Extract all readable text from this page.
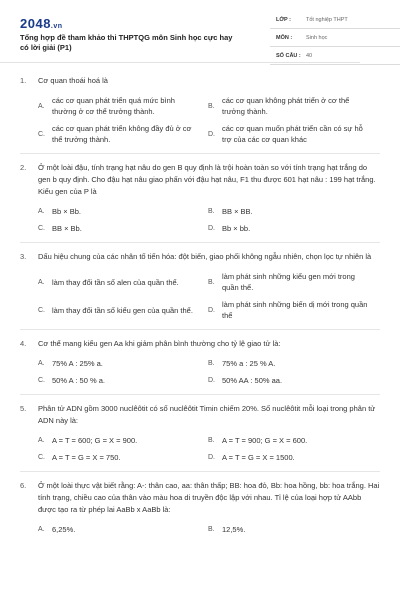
2048.vn
Tổng hợp đề tham khảo thi THPTQG môn Sinh học cực hay có lời giải (P1)
LỚP :	Tốt nghiệp THPT
MÔN :	Sinh học
SỐ CÂU : 40
1. Cơ quan thoái hoá là
A.
các cơ quan phát triển quá mức bình thường ở cơ thể trưởng thành.
B.
các cơ quan không phát triển ở cơ thể trưởng thành.
C.
các cơ quan phát triển không đầy đủ ở cơ thể trưởng thành.
D.
các cơ quan muốn phát triển cần có sự hỗ trợ của các cơ quan khác
2. Ở một loài đậu, tính trạng hạt nâu do gen B quy định là trội hoàn toàn so với tính trạng hạt trắng do gen b quy định. Cho đậu hạt nâu giao phấn với đậu hạt nâu, F1 thu được 601 hạt nâu : 199 hạt trắng. Kiểu gen của P là
A. Bb × Bb.	B. BB × BB.
C. BB × Bb.	D. Bb × bb.
3. Dấu hiệu chung của các nhân tố tiến hóa: đột biến, giao phối không ngẫu nhiên, chọn lọc tự nhiên là
A. làm thay đổi tần số alen của quần thể.	B.
làm phát sinh những kiểu gen mới trong quần thể.
C. làm thay đổi tần số kiểu gen của quần thể.	D.
làm phát sinh những biến dị mới trong quần thể
4. Cơ thể mang kiểu gen Aa khi giảm phân bình thường cho tỷ lệ giao tử là:
A. 75% A : 25% a.	B. 75% a : 25 % A.
C. 50% A : 50 % a.	D. 50% AA : 50% aa.
5. Phân tử ADN gồm 3000 nuclêôtit có số nuclêôtit Timin chiếm 20%. Số nuclêôtit mỗi loại trong phân tử ADN này là:
A. A = T = 600; G = X = 900.	B. A = T = 900; G = X = 600.
C. A = T = G = X = 750.	D. A = T = G = X = 1500.
6. Ở một loài thực vật biết rằng: A-: thân cao, aa: thân thấp; BB: hoa đỏ, Bb: hoa hồng, bb: hoa trắng. Hai tính trạng, chiều cao của thân vào màu hoa di truyền độc lập với nhau. Tỉ lệ của loại hợp tử AAbb được tạo ra từ phép lai AaBb x AaBb là:
A. 6,25%.	B. 12,5%.
